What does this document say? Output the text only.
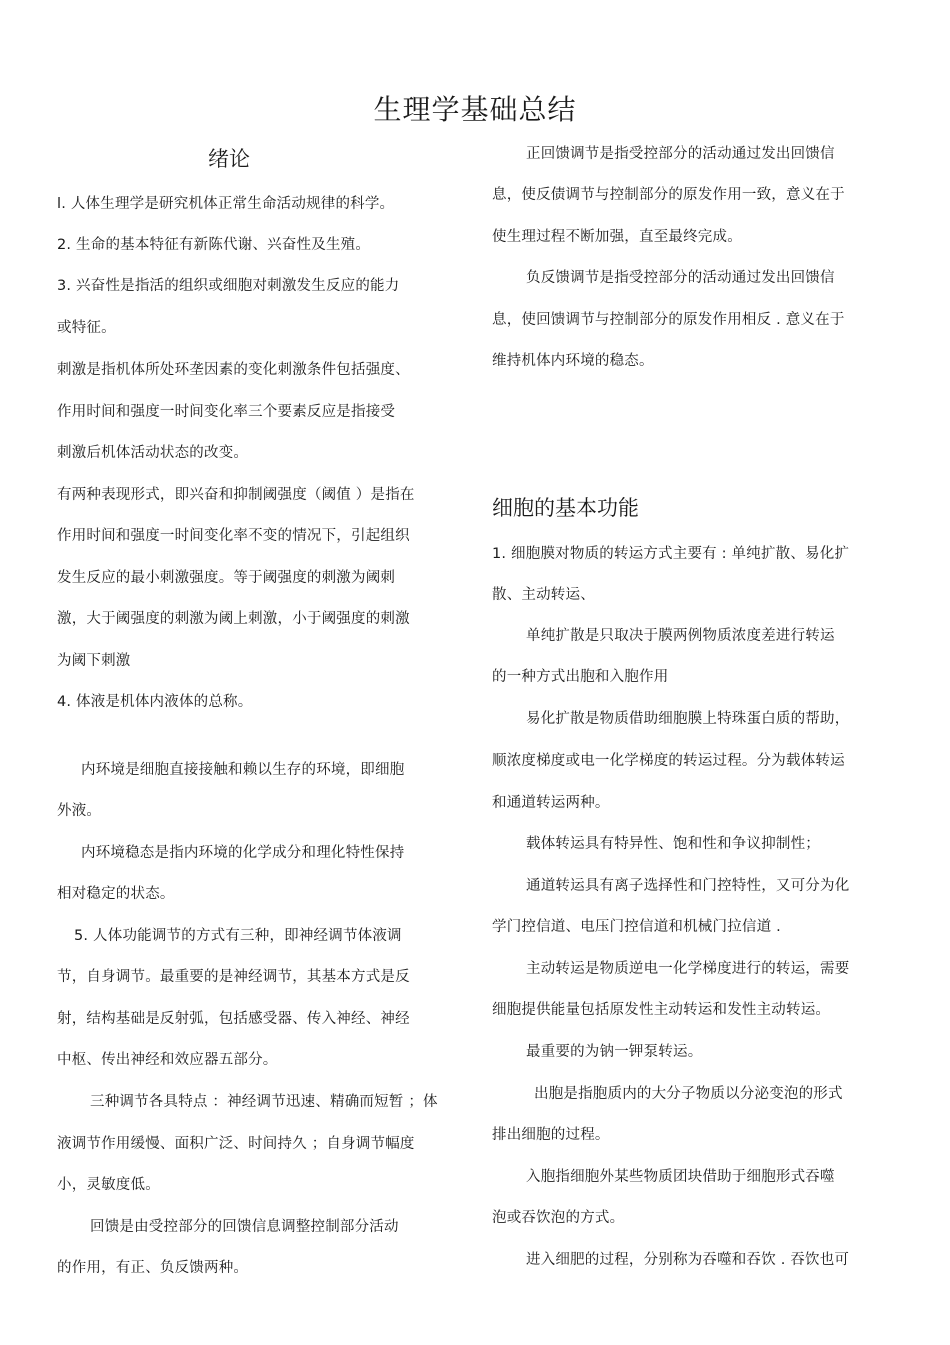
生理学基础总结
绪论
l. 人体生理学是研究机体正常生命活动规律的科学。
2. 生命的基本特征有新陈代谢、兴奋性及生殖。
3. 兴奋性是指活的组织或细胞对刺激发生反应的能力
或特征。
刺激是指机体所处环垄因素的变化刺激条件包括强度、
作用时间和强度一时间变化率三个要素反应是指接受
刺激后机体活动状态的改变。
有两种表现形式，即兴奋和抑制阈强度（阈值 ）是指在
作用时间和强度一时间变化率不变的情况下，引起组织
发生反应的最小刺激强度。等于阈强度的刺激为阈刺
激，大于阈强度的刺激为阈上刺激，小于阈强度的刺激
为阈下刺激
4. 体液是机体内液体的总称。
内环境是细胞直接接触和赖以生存的环境，即细胞
外液。
内环境稳态是指内环境的化学成分和理化特性保持
相对稳定的状态。
5. 人体功能调节的方式有三种，即神经调节体液调
节，自身调节。最重要的是神经调节，其基本方式是反
射，结构基础是反射弧，包括感受器、传入神经、神经
中枢、传出神经和效应器五部分。
三种调节各具特点 ：神经调节迅速、精确而短暂 ；体
液调节作用缓慢、面积广泛、时间持久 ；自身调节幅度
小，灵敏度低。
回馈是由受控部分的回馈信息调整控制部分活动
的作用，有正、负反馈两种。
正回馈调节是指受控部分的活动通过发出回馈信
息，使反债调节与控制部分的原发作用一致，意义在于
使生理过程不断加强，直至最终完成。
负反馈调节是指受控部分的活动通过发出回馈信
息，使回馈调节与控制部分的原发作用相反 . 意义在于
维持机体内环境的稳态。
细胞的基本功能
1. 细胞膜对物质的转运方式主要有 : 单纯扩散、易化扩
散、主动转运、
单纯扩散是只取决于膜两例物质浓度差进行转运
的一种方式出胞和入胞作用
易化扩散是物质借助细胞膜上特珠蛋白质的帮助，
顺浓度梯度或电一化学梯度的转运过程。分为载体转运
和通道转运两种。
载体转运具有特异性、饱和性和争议抑制性；
通道转运具有离子选择性和门控特性，又可分为化
学门控信道、电压门控信道和机械门拉信道 .
主动转运是物质逆电一化学梯度进行的转运，需要
细胞提供能量包括原发性主动转运和发性主动转运。
最重要的为钠一钾泵转运。
出胞是指胞质内的大分子物质以分泌变泡的形式
排出细胞的过程。
入胞指细胞外某些物质团块借助于细胞形式吞噬
泡或吞饮泡的方式。
进入细肥的过程，分别称为吞噬和吞饮 . 吞饮也可
